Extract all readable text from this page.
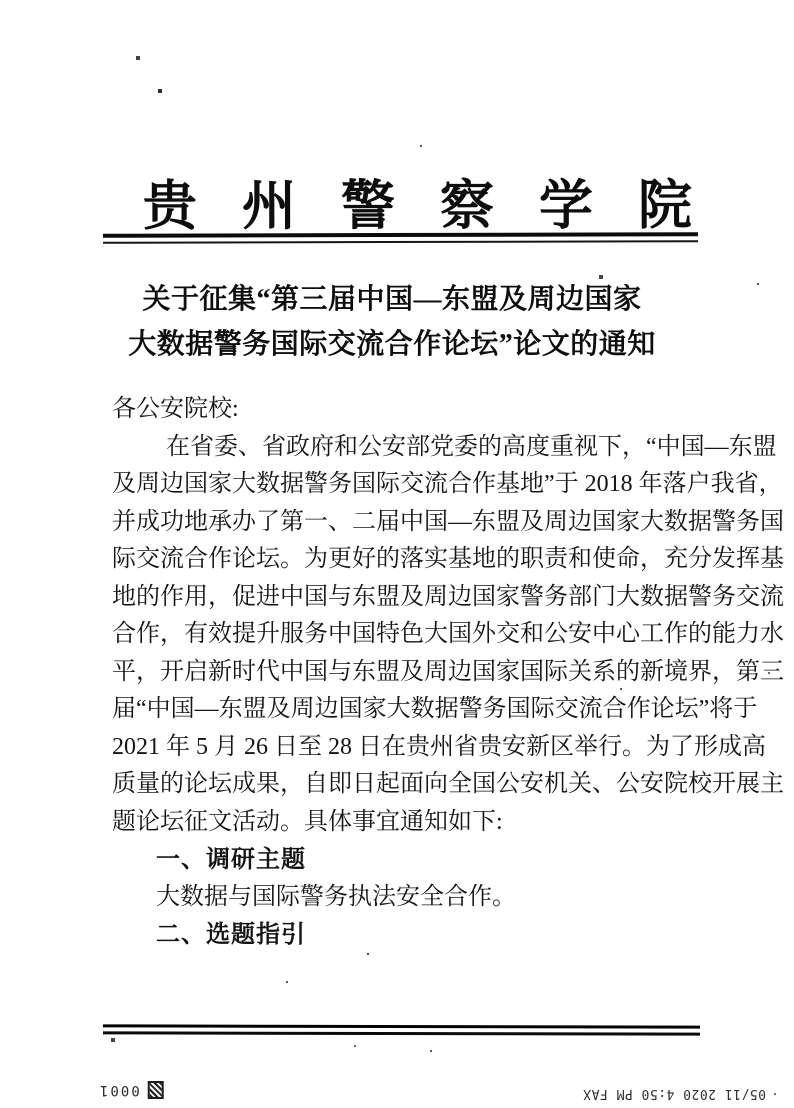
贵州警察学院
关于征集“第三届中国—东盟及周边国家
大数据警务国际交流合作论坛”论文的通知
各公安院校:
在省委、省政府和公安部党委的高度重视下，“中国—东盟
及周边国家大数据警务国际交流合作基地”于 2018 年落户我省，
并成功地承办了第一、二届中国—东盟及周边国家大数据警务国
际交流合作论坛。为更好的落实基地的职责和使命，充分发挥基
地的作用，促进中国与东盟及周边国家警务部门大数据警务交流
合作，有效提升服务中国特色大国外交和公安中心工作的能力水
平，开启新时代中国与东盟及周边国家国际关系的新境界，第三
届“中国—东盟及周边国家大数据警务国际交流合作论坛”将于
2021 年 5 月 26 日至 28 日在贵州省贵安新区举行。为了形成高
质量的论坛成果，自即日起面向全国公安机关、公安院校开展主
题论坛征文活动。具体事宜通知如下:
一、调研主题
大数据与国际警务执法安全合作。
二、选题指引
0001	05/11 2020 4:50 PM FAX
